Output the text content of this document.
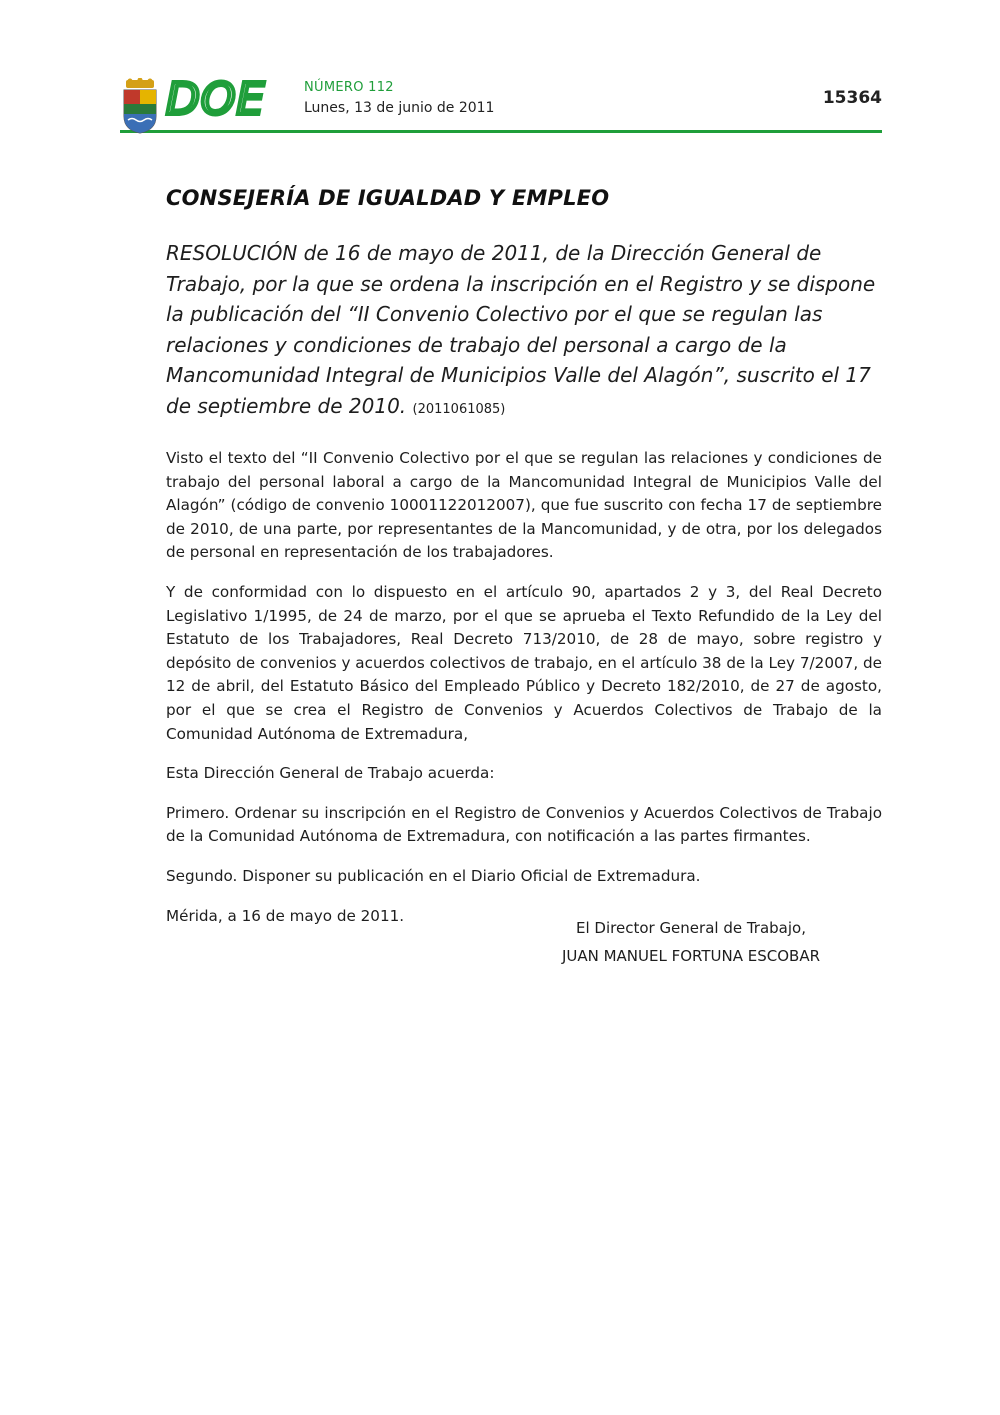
DOE	NÚMERO 112
Lunes, 13 de junio de 2011	15364
CONSEJERÍA DE IGUALDAD Y EMPLEO

RESOLUCIÓN de 16 de mayo de 2011, de la Dirección General de Trabajo, por la que se ordena la inscripción en el Registro y se dispone la publicación del “II Convenio Colectivo por el que se regulan las relaciones y condiciones de trabajo del personal a cargo de la Mancomunidad Integral de Municipios Valle del Alagón”, suscrito el 17 de septiembre de 2010. (2011061085)

Visto el texto del “II Convenio Colectivo por el que se regulan las relaciones y condiciones de trabajo del personal laboral a cargo de la Mancomunidad Integral de Municipios Valle del Alagón” (código de convenio 10001122012007), que fue suscrito con fecha 17 de septiembre de 2010, de una parte, por representantes de la Mancomunidad, y de otra, por los delegados de personal en representación de los trabajadores.

Y de conformidad con lo dispuesto en el artículo 90, apartados 2 y 3, del Real Decreto Legislativo 1/1995, de 24 de marzo, por el que se aprueba el Texto Refundido de la Ley del Estatuto de los Trabajadores, Real Decreto 713/2010, de 28 de mayo, sobre registro y depósito de convenios y acuerdos colectivos de trabajo, en el artículo 38 de la Ley 7/2007, de 12 de abril, del Estatuto Básico del Empleado Público y Decreto 182/2010, de 27 de agosto, por el que se crea el Registro de Convenios y Acuerdos Colectivos de Trabajo de la Comunidad Autónoma de Extremadura,

Esta Dirección General de Trabajo acuerda:

Primero. Ordenar su inscripción en el Registro de Convenios y Acuerdos Colectivos de Trabajo de la Comunidad Autónoma de Extremadura, con notificación a las partes firmantes.

Segundo. Disponer su publicación en el Diario Oficial de Extremadura.

Mérida, a 16 de mayo de 2011.

El Director General de Trabajo,
JUAN MANUEL FORTUNA ESCOBAR
